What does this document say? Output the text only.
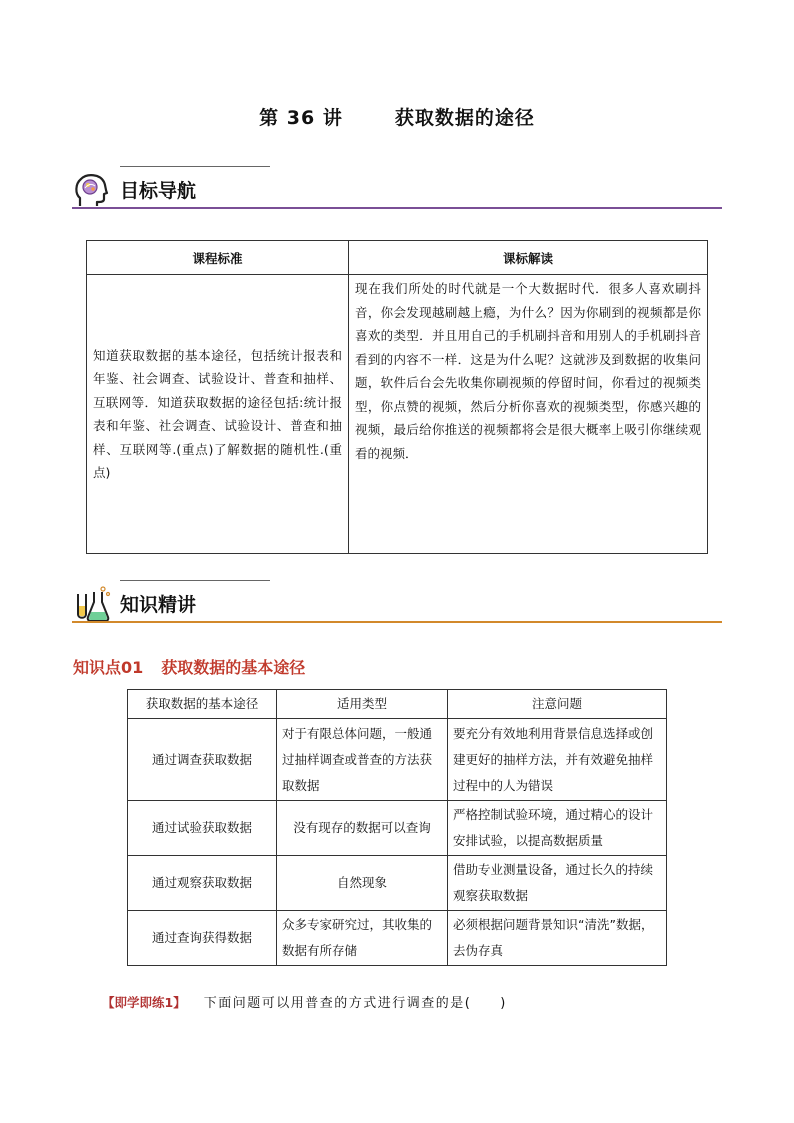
第 36 讲	获取数据的途径
目标导航
课程标准	课标解读
知道获取数据的基本途径，包括统计报表和年鉴、社会调查、试验设计、普查和抽样、互联网等．知道获取数据的途径包括:统计报表和年鉴、社会调查、试验设计、普查和抽样、互联网等.(重点)了解数据的随机性.(重点)	现在我们所处的时代就是一个大数据时代．很多人喜欢刷抖音，你会发现越刷越上瘾，为什么？因为你刷到的视频都是你喜欢的类型．并且用自己的手机刷抖音和用别人的手机刷抖音看到的内容不一样．这是为什么呢？这就涉及到数据的收集问题，软件后台会先收集你刷视频的停留时间，你看过的视频类型，你点赞的视频，然后分析你喜欢的视频类型，你感兴趣的视频，最后给你推送的视频都将会是很大概率上吸引你继续观看的视频．
知识精讲
知识点01 获取数据的基本途径
获取数据的基本途径	适用类型	注意问题
通过调查获取数据	对于有限总体问题，一般通过抽样调查或普查的方法获取数据	要充分有效地利用背景信息选择或创建更好的抽样方法，并有效避免抽样过程中的人为错误
通过试验获取数据	没有现存的数据可以查询	严格控制试验环境，通过精心的设计安排试验，以提高数据质量
通过观察获取数据	自然现象	借助专业测量设备，通过长久的持续观察获取数据
通过查询获得数据	众多专家研究过，其收集的数据有所存储	必须根据问题背景知识“清洗”数据，去伪存真
【即学即练1】 下面问题可以用普查的方式进行调查的是(　　)
